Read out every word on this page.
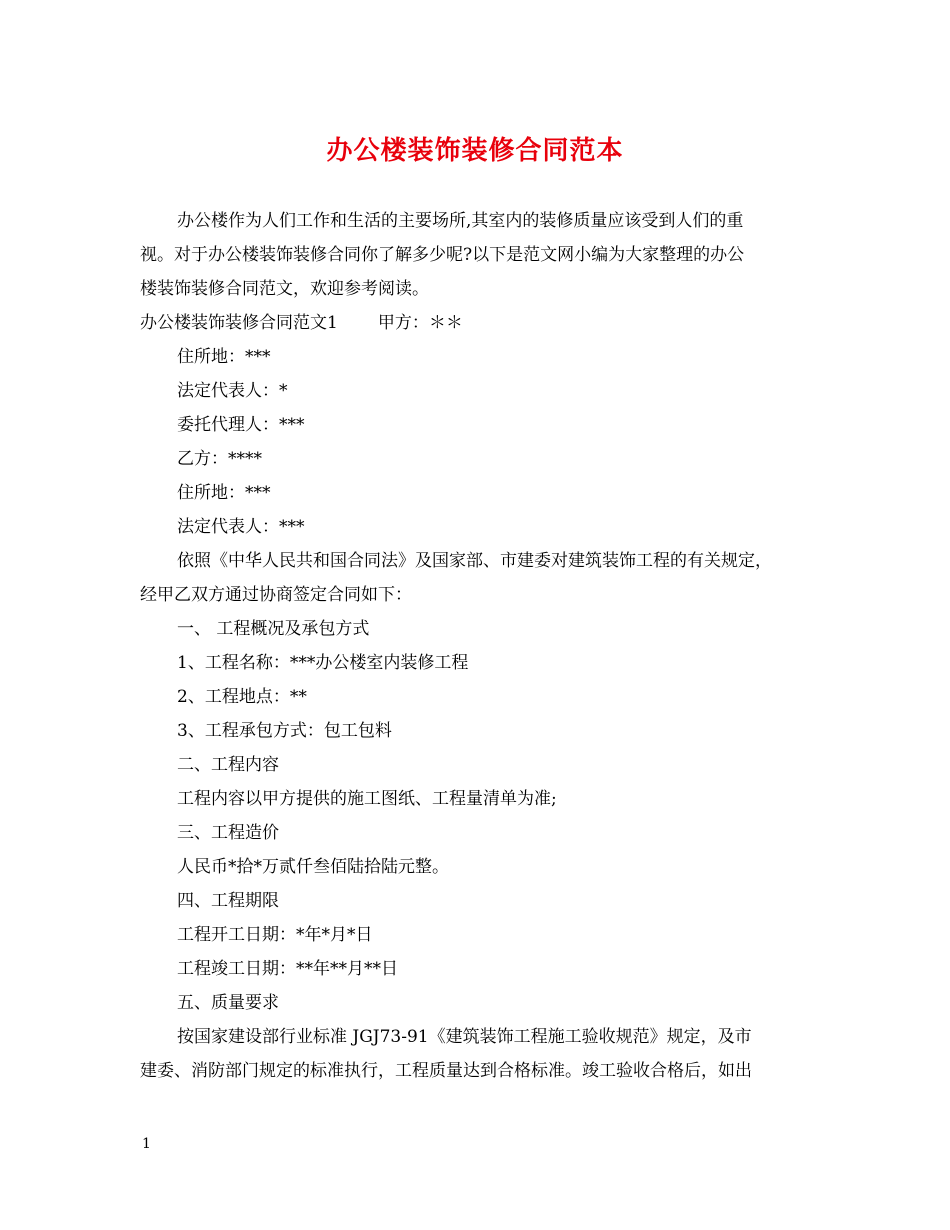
办公楼装饰装修合同范本
办公楼作为人们工作和生活的主要场所,其室内的装修质量应该受到人们的重
视。对于办公楼装饰装修合同你了解多少呢?以下是范文网小编为大家整理的办公
楼装饰装修合同范文，欢迎参考阅读。
办公楼装饰装修合同范文1 甲方：＊＊
住所地：***
法定代表人：*
委托代理人：***
乙方：****
住所地：***
法定代表人：***
依照《中华人民共和国合同法》及国家部、市建委对建筑装饰工程的有关规定，
经甲乙双方通过协商签定合同如下：
一、 工程概况及承包方式
1、工程名称：***办公楼室内装修工程
2、工程地点：**
3、工程承包方式：包工包料
二、工程内容
工程内容以甲方提供的施工图纸、工程量清单为准;
三、工程造价
人民币*拾*万贰仟叁佰陆拾陆元整。
四、工程期限
工程开工日期：*年*月*日
工程竣工日期：**年**月**日
五、质量要求
按国家建设部行业标准 JGJ73-91《建筑装饰工程施工验收规范》规定，及市
建委、消防部门规定的标准执行，工程质量达到合格标准。竣工验收合格后，如出
1
